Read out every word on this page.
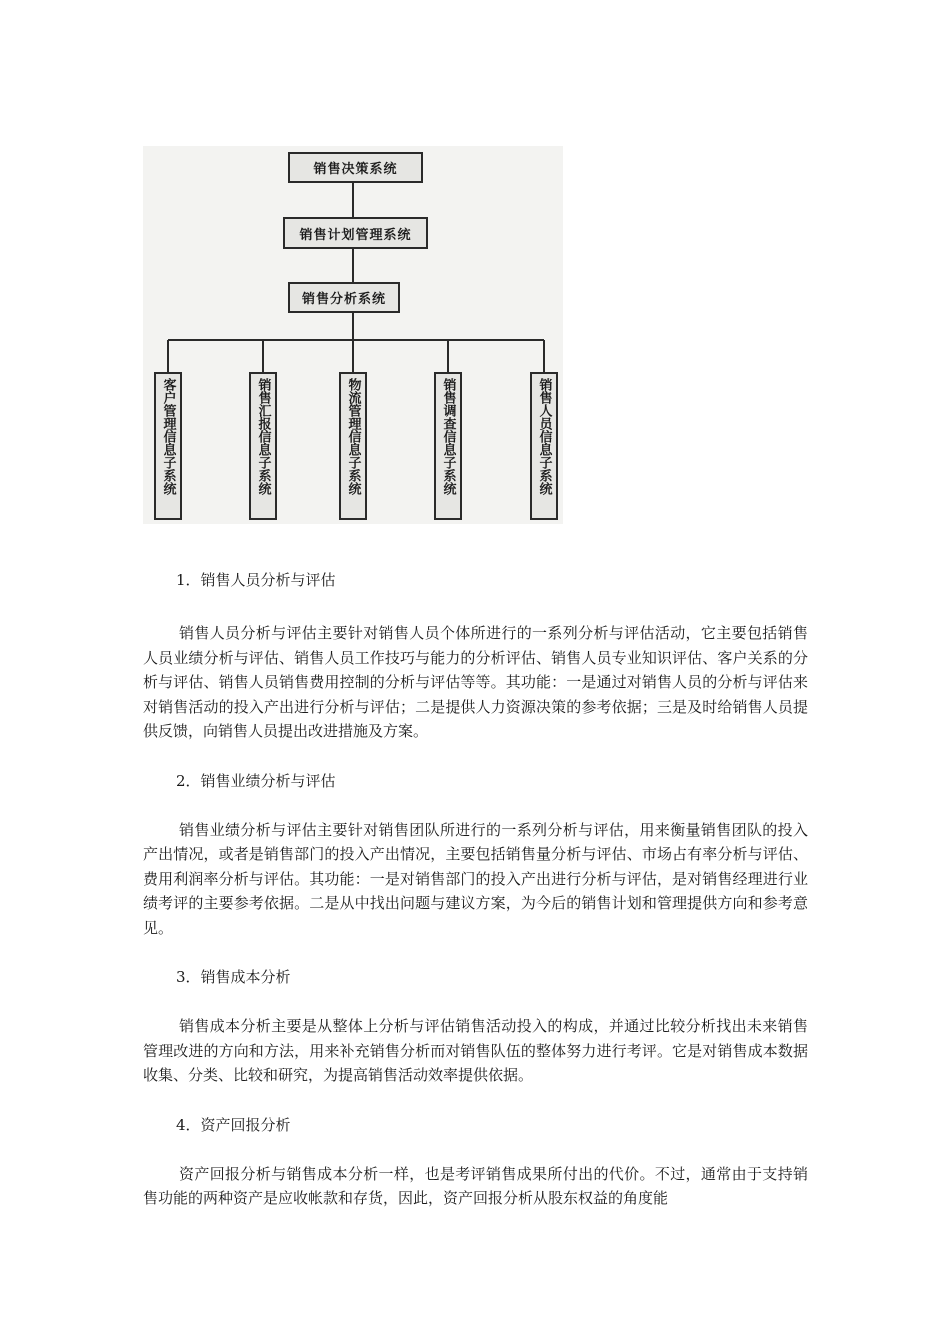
销售决策系统
销售计划管理系统
销售分析系统
客户管理信息子系统	销售汇报信息子系统	物流管理信息子系统	销售调查信息子系统	销售人员信息子系统

1．销售人员分析与评估

销售人员分析与评估主要针对销售人员个体所进行的一系列分析与评估活动，它主要包括销售人员业绩分析与评估、销售人员工作技巧与能力的分析评估、销售人员专业知识评估、客户关系的分析与评估、销售人员销售费用控制的分析与评估等等。其功能：一是通过对销售人员的分析与评估来对销售活动的投入产出进行分析与评估；二是提供人力资源决策的参考依据；三是及时给销售人员提供反馈，向销售人员提出改进措施及方案。

2．销售业绩分析与评估

销售业绩分析与评估主要针对销售团队所进行的一系列分析与评估，用来衡量销售团队的投入产出情况，或者是销售部门的投入产出情况，主要包括销售量分析与评估、市场占有率分析与评估、费用利润率分析与评估。其功能：一是对销售部门的投入产出进行分析与评估，是对销售经理进行业绩考评的主要参考依据。二是从中找出问题与建议方案，为今后的销售计划和管理提供方向和参考意见。

3．销售成本分析

销售成本分析主要是从整体上分析与评估销售活动投入的构成，并通过比较分析找出未来销售管理改进的方向和方法，用来补充销售分析而对销售队伍的整体努力进行考评。它是对销售成本数据收集、分类、比较和研究，为提高销售活动效率提供依据。

4．资产回报分析

资产回报分析与销售成本分析一样，也是考评销售成果所付出的代价。不过，通常由于支持销售功能的两种资产是应收帐款和存货，因此，资产回报分析从股东权益的角度能
